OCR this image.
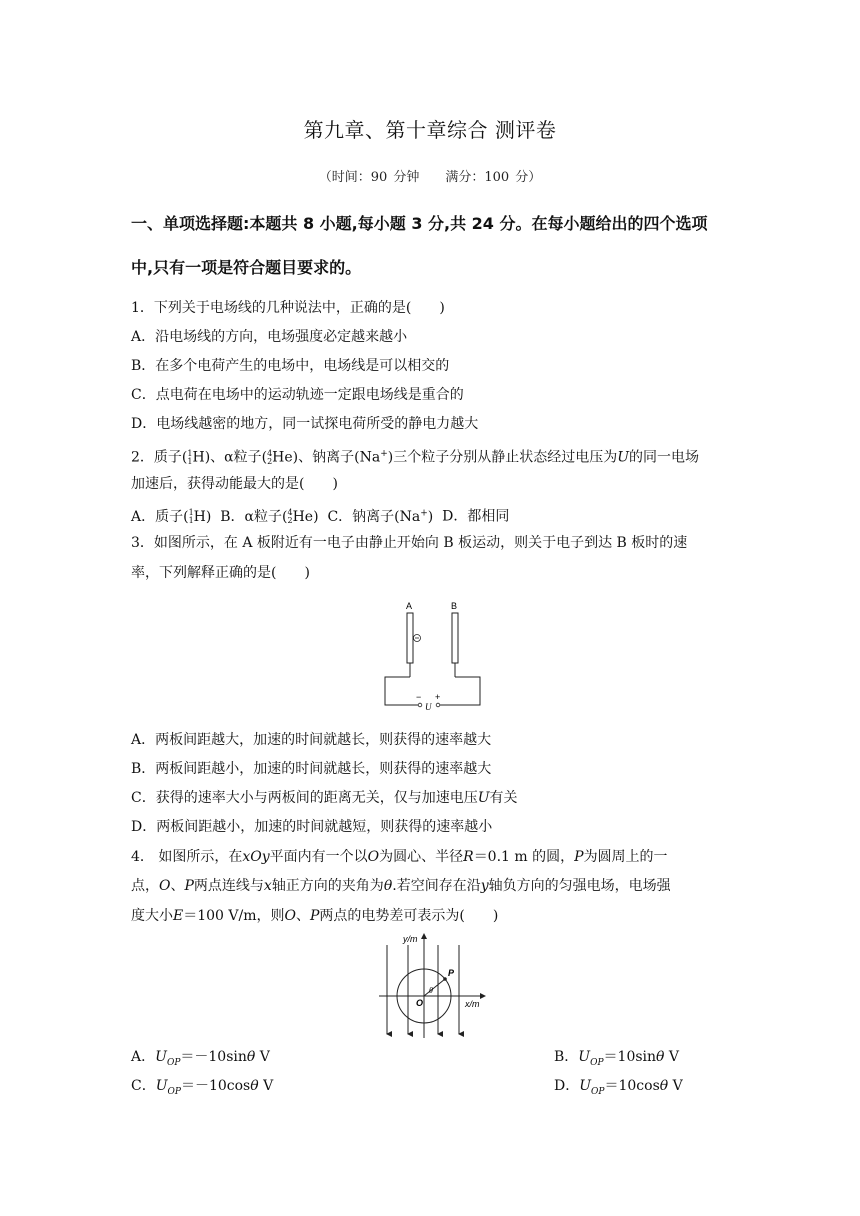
第九章、第十章综合 测评卷
（时间：90 分钟　　满分：100 分）
一、单项选择题:本题共 8 小题,每小题 3 分,共 24 分。在每小题给出的四个选项
中,只有一项是符合题目要求的。
1．下列关于电场线的几种说法中，正确的是(　　)
A．沿电场线的方向，电场强度必定越来越小
B．在多个电荷产生的电场中，电场线是可以相交的
C．点电荷在电场中的运动轨迹一定跟电场线是重合的
D．电场线越密的地方，同一试探电荷所受的静电力越大
2．质子(1
1H)、α粒子(4
2He)、钠离子(Na+)三个粒子分别从静止状态经过电压为U的同一电场
加速后，获得动能最大的是(　　)
A．质子(1
1H) B．α粒子(4
2He) C．钠离子(Na+) D．都相同
3．如图所示，在 A 板附近有一电子由静止开始向 B 板运动，则关于电子到达 B 板时的速
率，下列解释正确的是(　　)
A	B
− +
U
A．两板间距越大，加速的时间就越长，则获得的速率越大
B．两板间距越小，加速的时间就越长，则获得的速率越大
C．获得的速率大小与两板间的距离无关，仅与加速电压U有关
D．两板间距越小，加速的时间就越短，则获得的速率越小
4． 如图所示，在xOy平面内有一个以O为圆心、半径R＝0.1 m 的圆，P为圆周上的一
点，O、P两点连线与x轴正方向的夹角为θ.若空间存在沿y轴负方向的匀强电场，电场强
度大小E＝100 V/m，则O、P两点的电势差可表示为(　　)
y/m
x/m
P
O
θ
A．$U_{OP}=-10\sin\theta$ V	B．$U_{OP}=10\sin\theta$ V
C．$U_{OP}=-10\cos\theta$ V	D．$U_{OP}=10\cos\theta$ V
